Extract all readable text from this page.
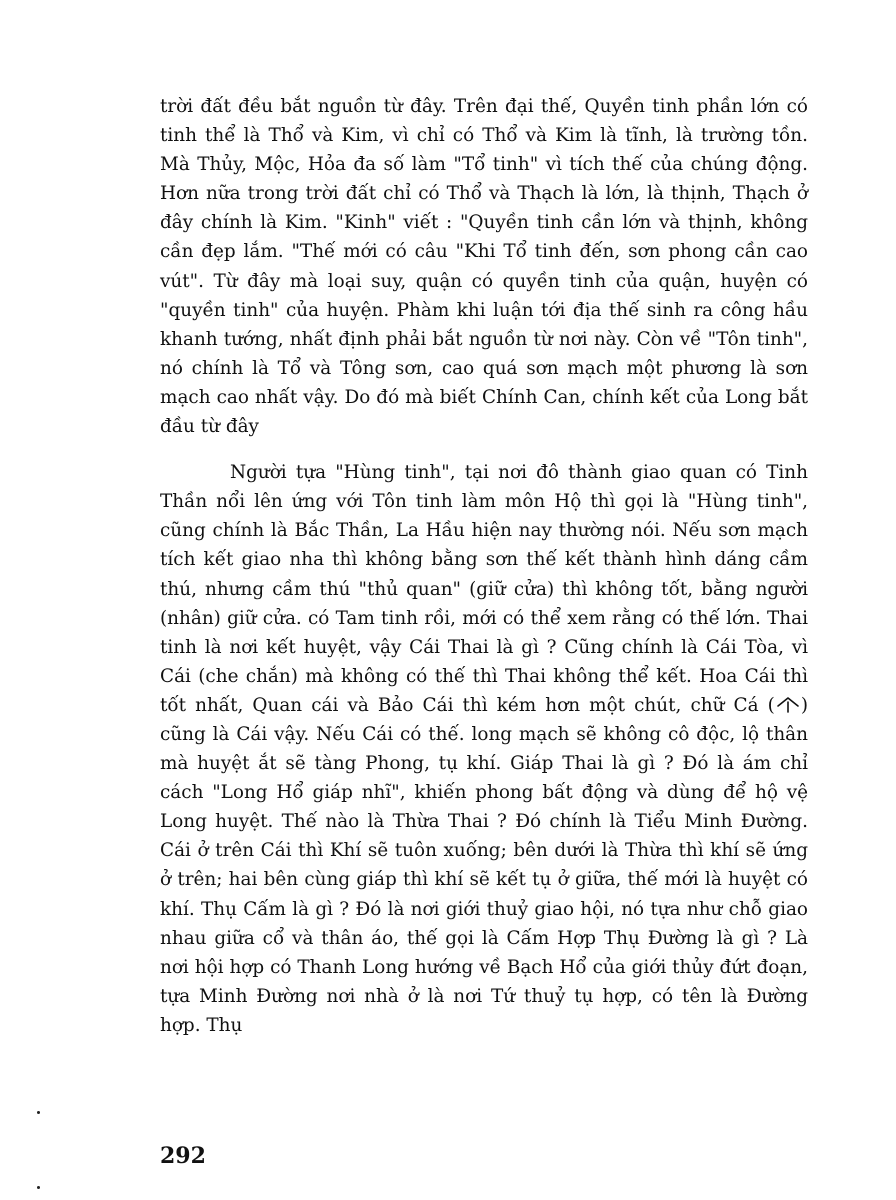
trời đất đều bắt nguồn từ đây. Trên đại thế, Quyền tinh phần lớn có tinh thể là Thổ và Kim, vì chỉ có Thổ và Kim là tĩnh, là trường tồn. Mà Thủy, Mộc, Hỏa đa số làm "Tổ tinh" vì tích thế của chúng động. Hơn nữa trong trời đất chỉ có Thổ và Thạch là lớn, là thịnh, Thạch ở đây chính là Kim. "Kinh" viết : "Quyền tinh cần lớn và thịnh, không cần đẹp lắm. "Thế mới có câu "Khi Tổ tinh đến, sơn phong cần cao vút". Từ đây mà loại suy, quận có quyền tinh của quận, huyện có "quyền tinh" của huyện. Phàm khi luận tới địa thế sinh ra công hầu khanh tướng, nhất định phải bắt nguồn từ nơi này. Còn về "Tôn tinh", nó chính là Tổ và Tông sơn, cao quá sơn mạch một phương là sơn mạch cao nhất vậy. Do đó mà biết Chính Can, chính kết của Long bắt đầu từ đây

Người tựa "Hùng tinh", tại nơi đô thành giao quan có Tinh Thần nổi lên ứng với Tôn tinh làm môn Hộ thì gọi là "Hùng tinh", cũng chính là Bắc Thần, La Hầu hiện nay thường nói. Nếu sơn mạch tích kết giao nha thì không bằng sơn thế kết thành hình dáng cầm thú, nhưng cầm thú "thủ quan" (giữ cửa) thì không tốt, bằng người (nhân) giữ cửa. có Tam tinh rồi, mới có thể xem rằng có thế lớn. Thai tinh là nơi kết huyệt, vậy Cái Thai là gì ? Cũng chính là Cái Tòa, vì Cái (che chắn) mà không có thế thì Thai không thể kết. Hoa Cái thì tốt nhất, Quan cái và Bảo Cái thì kém hơn một chút, chữ Cá ( ) cũng là Cái vậy. Nếu Cái có thế. long mạch sẽ không cô độc, lộ thân mà huyệt ắt sẽ tàng Phong, tụ khí. Giáp Thai là gì ? Đó là ám chỉ cách "Long Hổ giáp nhĩ", khiến phong bất động và dùng để hộ vệ Long huyệt. Thế nào là Thừa Thai ? Đó chính là Tiểu Minh Đường. Cái ở trên Cái thì Khí sẽ tuôn xuống; bên dưới là Thừa thì khí sẽ ứng ở trên; hai bên cùng giáp thì khí sẽ kết tụ ở giữa, thế mới là huyệt có khí. Thụ Cấm là gì ? Đó là nơi giới thuỷ giao hội, nó tựa như chỗ giao nhau giữa cổ và thân áo, thế gọi là Cấm Hợp Thụ Đường là gì ? Là nơi hội hợp có Thanh Long hướng về Bạch Hổ của giới thủy đứt đoạn, tựa Minh Đường nơi nhà ở là nơi Tứ thuỷ tụ hợp, có tên là Đường hợp. Thụ

292
